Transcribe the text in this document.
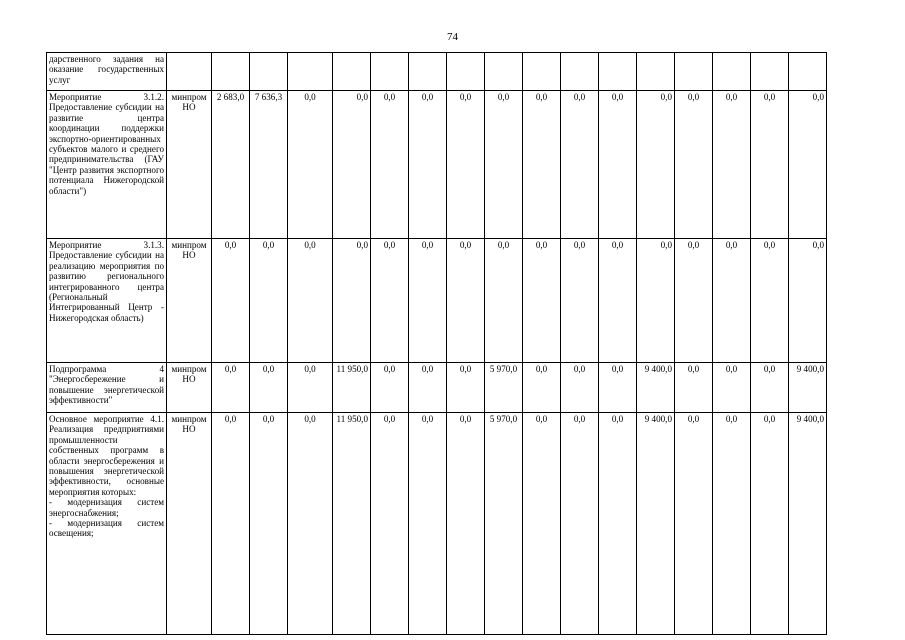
74
дарственного задания на оказание государственных услуг																	
Мероприятие 3.1.2. Предоставление субсидии на развитие центра координации поддержки экспортно-ориентированных субъектов малого и среднего предпринимательства (ГАУ "Центр развития экспортного потенциала Нижегородской области")	минпром НО	2 683,0	7 636,3	0,0	0,0	0,0	0,0	0,0	0,0	0,0	0,0	0,0	0,0	0,0	0,0	0,0	0,0
Мероприятие 3.1.3. Предоставление субсидии на реализацию мероприятия по развитию регионального интегрированного центра (Региональный Интегрированный Центр - Нижегородская область)	минпром НО	0,0	0,0	0,0	0,0	0,0	0,0	0,0	0,0	0,0	0,0	0,0	0,0	0,0	0,0	0,0	0,0
Подпрограмма 4 "Энергосбережение и повышение энергетической эффективности"	минпром НО	0,0	0,0	0,0	11 950,0	0,0	0,0	0,0	5 970,0	0,0	0,0	0,0	9 400,0	0,0	0,0	0,0	9 400,0
Основное мероприятие 4.1. Реализация предприятиями промышленности собственных программ в области энергосбережения и повышения энергетической эффективности, основные мероприятия которых:
- модернизация систем энергоснабжения;
- модернизация систем освещения;	минпром НО	0,0	0,0	0,0	11 950,0	0,0	0,0	0,0	5 970,0	0,0	0,0	0,0	9 400,0	0,0	0,0	0,0	9 400,0
